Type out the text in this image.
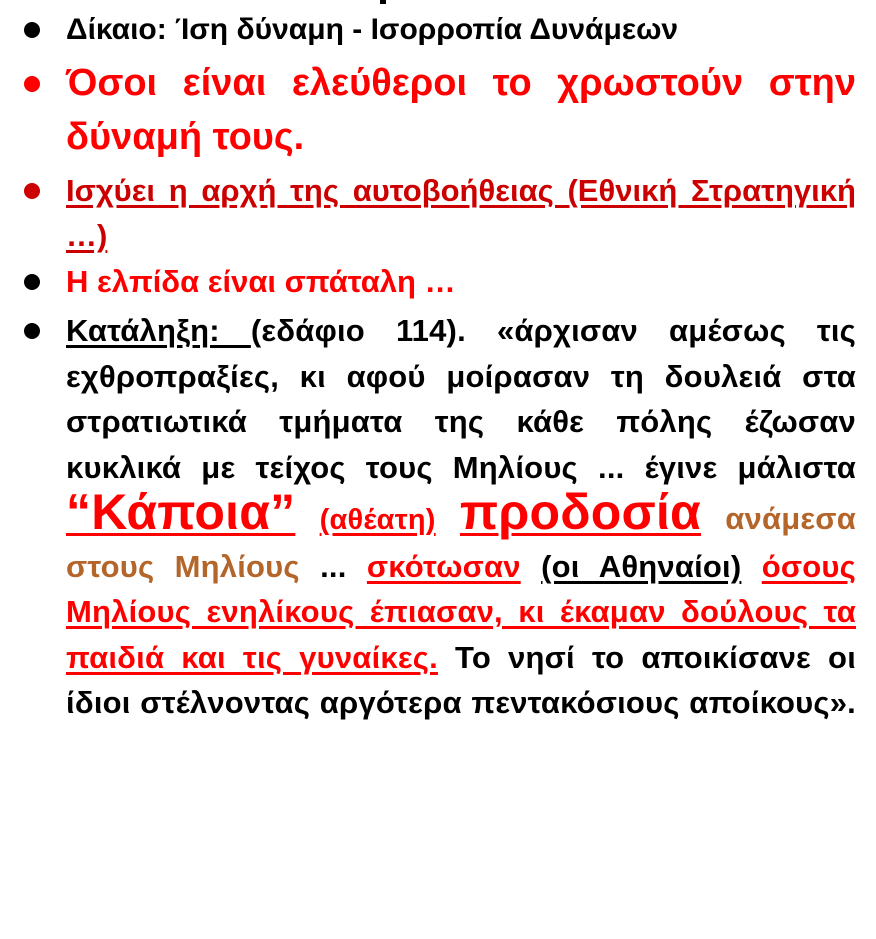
Δίκαιο: Ίση δύναμη - Ισορροπία Δυνάμεων
Όσοι είναι ελεύθεροι το χρωστούν στην δύναμή τους.
Ισχύει η αρχή της αυτοβοήθειας (Εθνική Στρατηγική …)
Η ελπίδα είναι σπάταλη …
Κατάληξη: (εδάφιο 114). «άρχισαν αμέσως τις εχθροπραξίες, κι αφού μοίρασαν τη δουλειά στα στρατιωτικά τμήματα της κάθε πόλης έζωσαν κυκλικά με τείχος τους Μηλίους ... έγινε μάλιστα “Κάποια” (αθέατη) προδοσία ανάμεσα στους Μηλίους ... σκότωσαν (οι Αθηναίοι) όσους Μηλίους ενηλίκους έπιασαν, κι έκαμαν δούλους τα παιδιά και τις γυναίκες. Το νησί το αποικίσανε οι ίδιοι στέλνοντας αργότερα πεντακόσιους αποίκους».
